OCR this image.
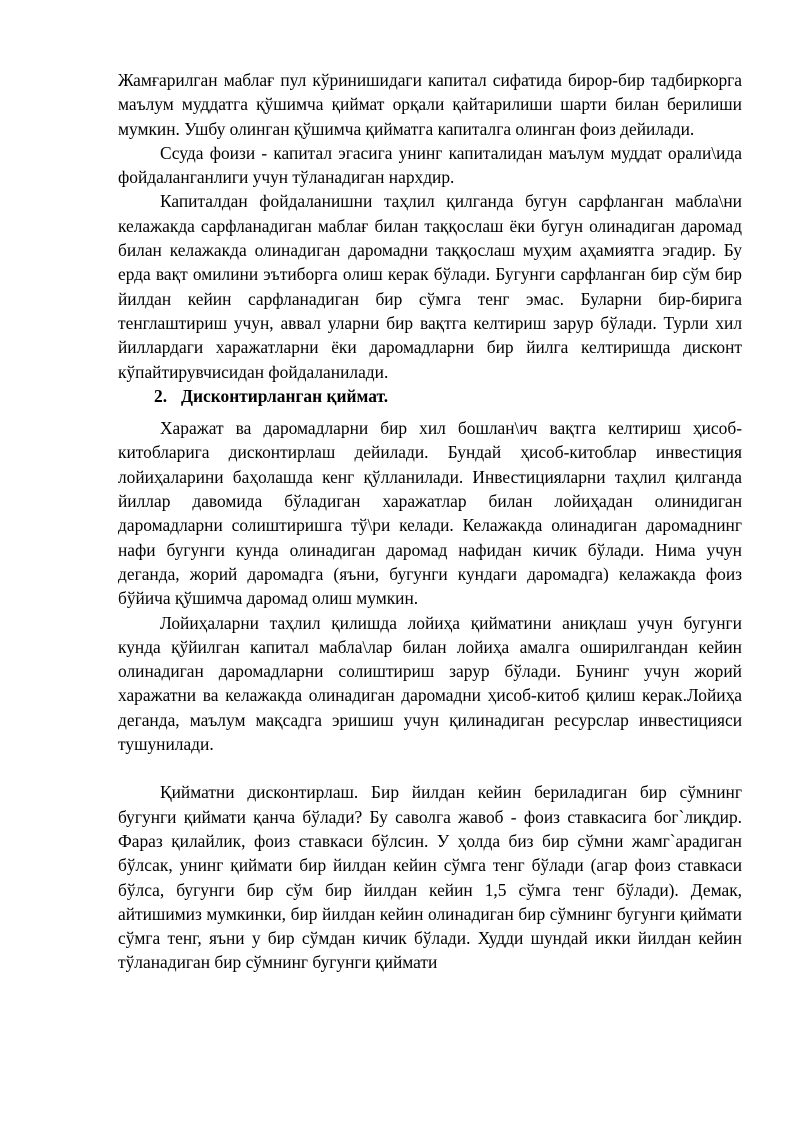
Жамғарилган маблағ пул кўринишидаги капитал сифатида бирор-бир тадбиркорга маълум муддатга қўшимча қиймат орқали қайтарилиши шарти билан берилиши мумкин. Ушбу олинган қўшимча қийматга капиталга олинган фоиз дейилади.

Ссуда фоизи - капитал эгасига унинг капиталидан маълум муддат орали\ида фойдаланганлиги учун тўланадиган нархдир.

Капиталдан фойдаланишни таҳлил қилганда бугун сарфланган мабла\ни келажакда сарфланадиган маблағ билан таққослаш ёки бугун олинадиган даромад билан келажакда олинадиган даромадни таққослаш муҳим аҳамиятга эгадир. Бу ерда вақт омилини эътиборга олиш керак бўлади. Бугунги сарфланган бир сўм бир йилдан кейин сарфланадиган бир сўмга тенг эмас. Буларни бир-бирига тенглаштириш учун, аввал уларни бир вақтга келтириш зарур бўлади. Турли хил йиллардаги харажатларни ёки даромадларни бир йилга келтиришда дисконт кўпайтирувчисидан фойдаланилади.

2. Дисконтирланган қиймат.

Харажат ва даромадларни бир хил бошлан\ич вақтга келтириш ҳисоб-китобларига дисконтирлаш дейилади. Бундай ҳисоб-китоблар инвестиция лойиҳаларини баҳолашда кенг қўлланилади. Инвестицияларни таҳлил қилганда йиллар давомида бўладиган харажатлар билан лойиҳадан олинидиган даромадларни солиштиришга тў\ри келади. Келажакда олинадиган даромаднинг нафи бугунги кунда олинадиган даромад нафидан кичик бўлади. Нима учун деганда, жорий даромадга (яъни, бугунги кундаги даромадга) келажакда фоиз бўйича қўшимча даромад олиш мумкин.

Лойиҳаларни таҳлил қилишда лойиҳа қийматини аниқлаш учун бугунги кунда қўйилган капитал мабла\лар билан лойиҳа амалга оширилгандан кейин олинадиган даромадларни солиштириш зарур бўлади. Бунинг учун жорий харажатни ва келажакда олинадиган даромадни ҳисоб-китоб қилиш керак.Лойиҳа деганда, маълум мақсадга эришиш учун қилинадиган ресурслар инвестицияси тушунилади.

Қийматни дисконтирлаш. Бир йилдан кейин бериладиган бир сўмнинг бугунги қиймати қанча бўлади? Бу саволга жавоб - фоиз ставкасига бог`лиқдир. Фараз қилайлик, фоиз ставкаси бўлсин. У ҳолда биз бир сўмни жамг`арадиган бўлсак, унинг қиймати бир йилдан кейин сўмга тенг бўлади (агар фоиз ставкаси бўлса, бугунги бир сўм бир йилдан кейин 1,5 сўмга тенг бўлади). Демак, айтишимиз мумкинки, бир йилдан кейин олинадиган бир сўмнинг бугунги қиймати сўмга тенг, яъни у бир сўмдан кичик бўлади. Худди шундай икки йилдан кейин тўланадиган бир сўмнинг бугунги қиймати
